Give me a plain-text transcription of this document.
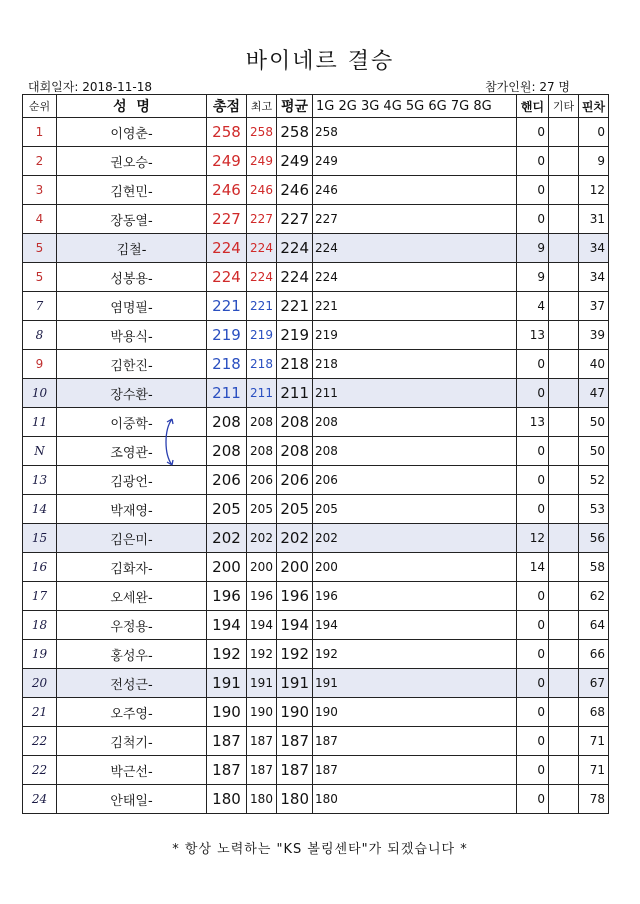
바이네르 결승
대회일자: 2018-11-18	참가인원: 27 명
순위	성  명	총점	최고	평균	1G 2G 3G 4G 5G 6G 7G 8G	핸디	기타	핀차
1	이영춘-	258	258	258	258	0		0
2	권오승-	249	249	249	249	0		9
3	김현민-	246	246	246	246	0		12
4	장동열-	227	227	227	227	0		31
5	김철-	224	224	224	224	9		34
5	성봉용-	224	224	224	224	9		34
7	염명필-	221	221	221	221	4		37
8	박용식-	219	219	219	219	13		39
9	김한진-	218	218	218	218	0		40
10	장수환-	211	211	211	211	0		47
11	이중학-	208	208	208	208	13		50
N	조영관-	208	208	208	208	0		50
13	김광언-	206	206	206	206	0		52
14	박재영-	205	205	205	205	0		53
15	김은미-	202	202	202	202	12		56
16	김화자-	200	200	200	200	14		58
17	오세완-	196	196	196	196	0		62
18	우정용-	194	194	194	194	0		64
19	홍성우-	192	192	192	192	0		66
20	전성근-	191	191	191	191	0		67
21	오주영-	190	190	190	190	0		68
22	김척기-	187	187	187	187	0		71
22	박근선-	187	187	187	187	0		71
24	안태일-	180	180	180	180	0		78
* 항상 노력하는 "KS 볼링센타"가 되겠습니다 *
